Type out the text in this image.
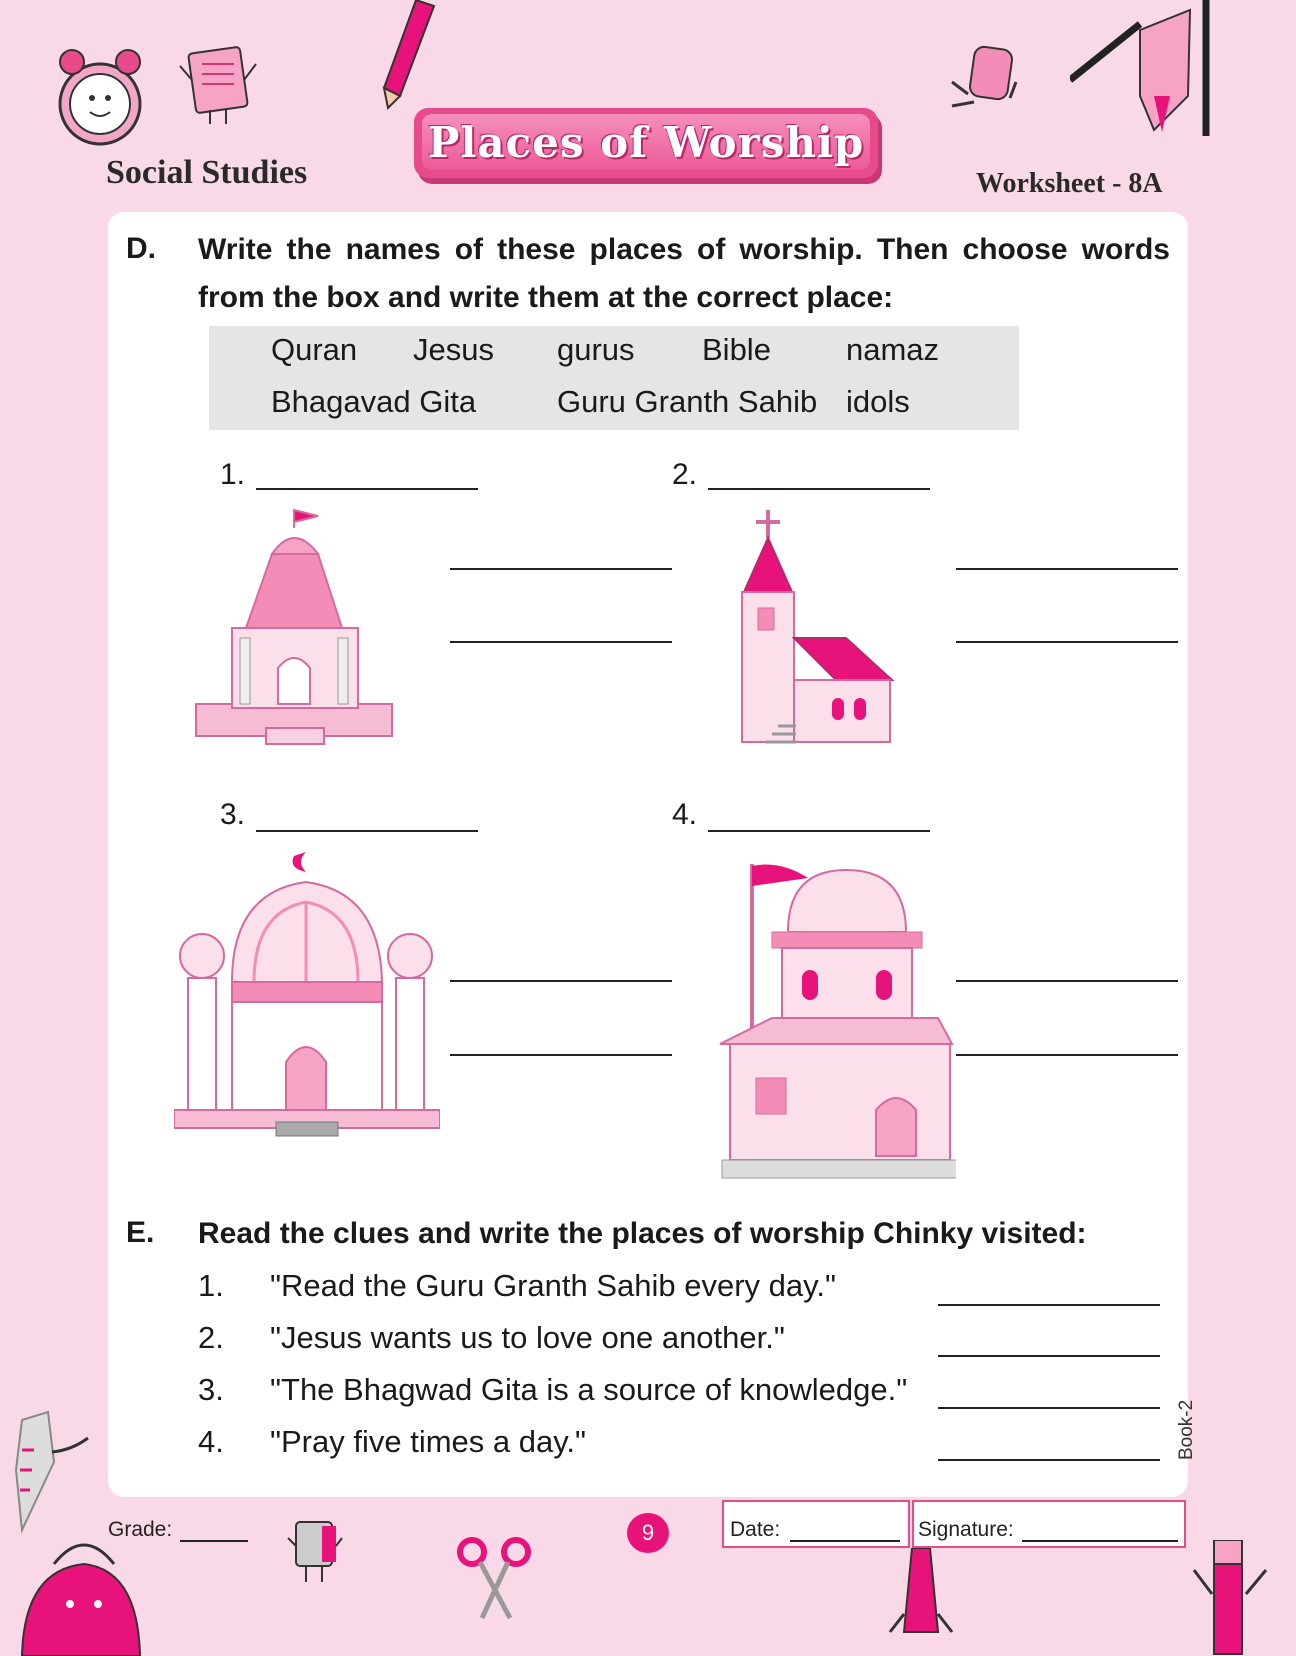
Social Studies
Places of Worship
Worksheet - 8A
D. Write the names of these places of worship. Then choose words
from the box and write them at the correct place:
Quran Jesus gurus Bible namaz
Bhagavad Gita	Guru Granth Sahib idols
1.	2.
3.	4.
E. Read the clues and write the places of worship Chinky visited:
1. "Read the Guru Granth Sahib every day."
2. "Jesus wants us to love one another."
3. "The Bhagwad Gita is a source of knowledge."
4. "Pray five times a day."	Book-2
Grade:	9	Date:	Signature:
